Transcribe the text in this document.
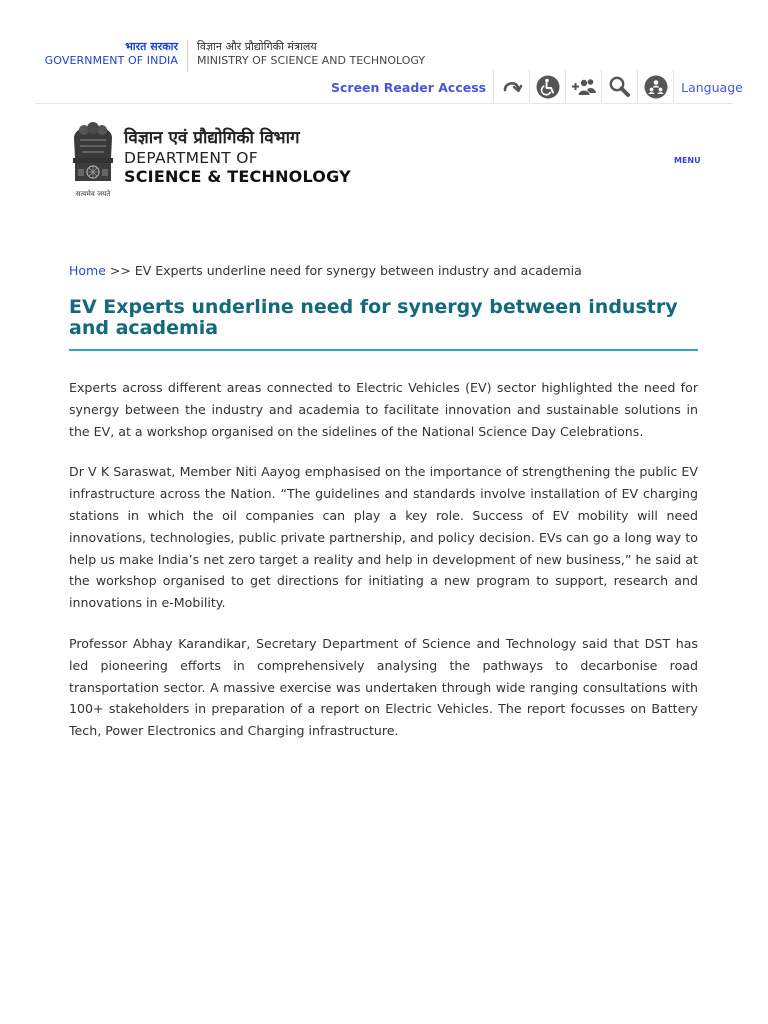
भारत सरकार
GOVERNMENT OF INDIA
विज्ञान और प्रौद्योगिकी मंत्रालय
MINISTRY OF SCIENCE AND TECHNOLOGY
Screen Reader Access	Language
सत्यमेव जयते
विज्ञान एवं प्रौद्योगिकी विभाग
DEPARTMENT OF
SCIENCE & TECHNOLOGY
MENU
Home >> EV Experts underline need for synergy between industry and academia
EV Experts underline need for synergy between industry and academia

Experts across different areas connected to Electric Vehicles (EV) sector highlighted the need for synergy between the industry and academia to facilitate innovation and sustainable solutions in the EV, at a workshop organised on the sidelines of the National Science Day Celebrations.

Dr V K Saraswat, Member Niti Aayog emphasised on the importance of strengthening the public EV infrastructure across the Nation. “The guidelines and standards involve installation of EV charging stations in which the oil companies can play a key role. Success of EV mobility will need innovations, technologies, public private partnership, and policy decision. EVs can go a long way to help us make India’s net zero target a reality and help in development of new business,” he said at the workshop organised to get directions for initiating a new program to support, research and innovations in e-Mobility.

Professor Abhay Karandikar, Secretary Department of Science and Technology said that DST has led pioneering efforts in comprehensively analysing the pathways to decarbonise road transportation sector. A massive exercise was undertaken through wide ranging consultations with 100+ stakeholders in preparation of a report on Electric Vehicles. The report focusses on Battery Tech, Power Electronics and Charging infrastructure.
